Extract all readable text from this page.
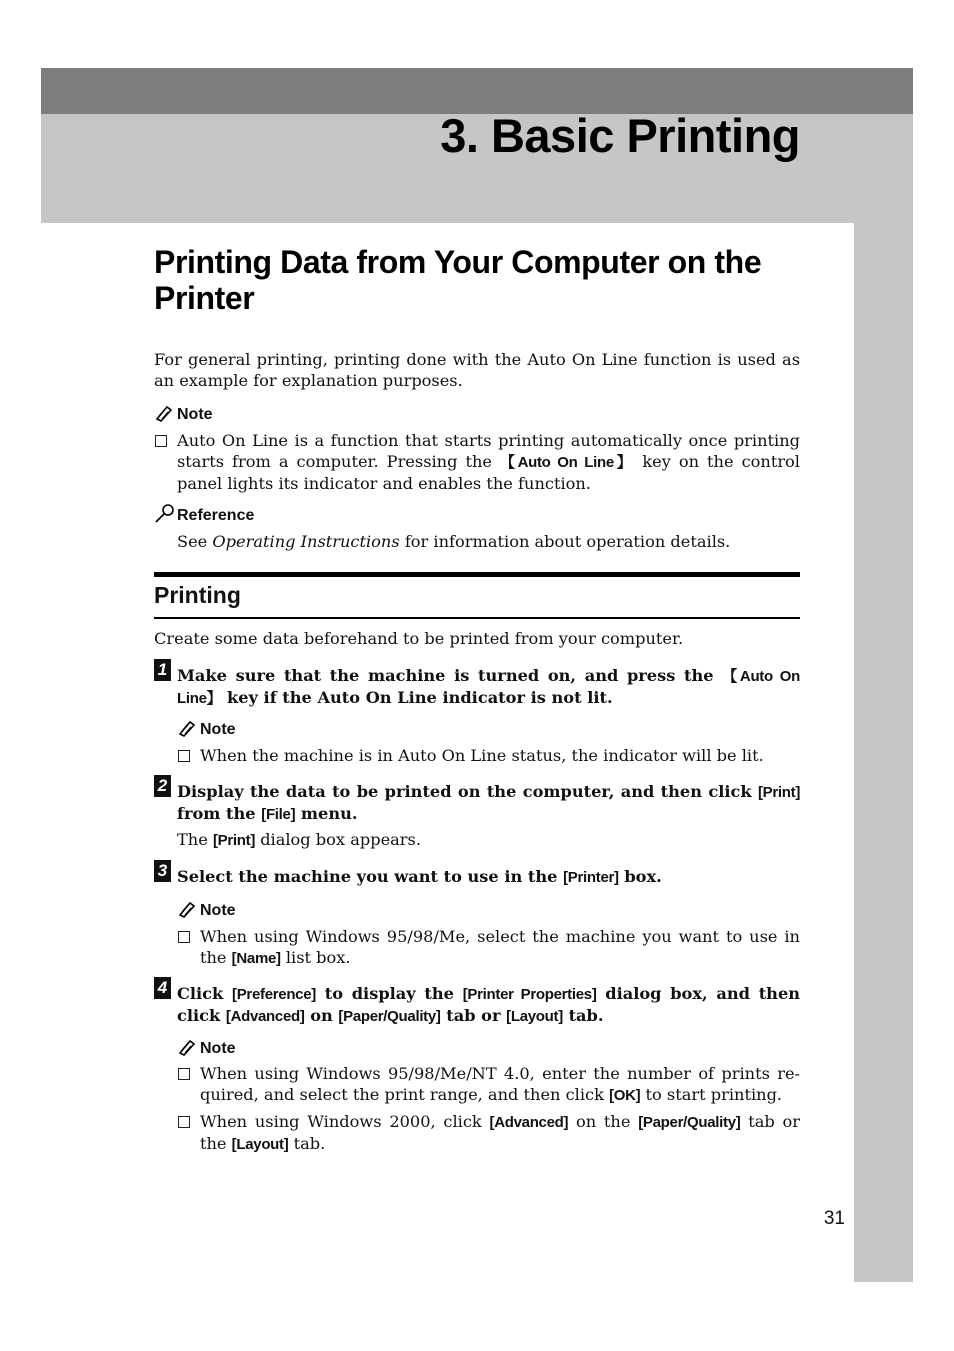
3. Basic Printing
Printing Data from Your Computer on the Printer
For general printing, printing done with the Auto On Line function is used as an example for explanation purposes.
Note
Auto On Line is a function that starts printing automatically once printing starts from a computer. Pressing the 【Auto On Line】 key on the control panel lights its indicator and enables the function.
Reference
See Operating Instructions for information about operation details.
Printing
Create some data beforehand to be printed from your computer.
1 Make sure that the machine is turned on, and press the 【Auto On Line】 key if the Auto On Line indicator is not lit.
Note
When the machine is in Auto On Line status, the indicator will be lit.
2 Display the data to be printed on the computer, and then click [Print] from the [File] menu.
The [Print] dialog box appears.
3 Select the machine you want to use in the [Printer] box.
Note
When using Windows 95/98/Me, select the machine you want to use in the [Name] list box.
4 Click [Preference] to display the [Printer Properties] dialog box, and then click [Advanced] on [Paper/Quality] tab or [Layout] tab.
Note
When using Windows 95/98/Me/NT 4.0, enter the number of prints re- quired, and select the print range, and then click [OK] to start printing.
When using Windows 2000, click [Advanced] on the [Paper/Quality] tab or the [Layout] tab.
31
